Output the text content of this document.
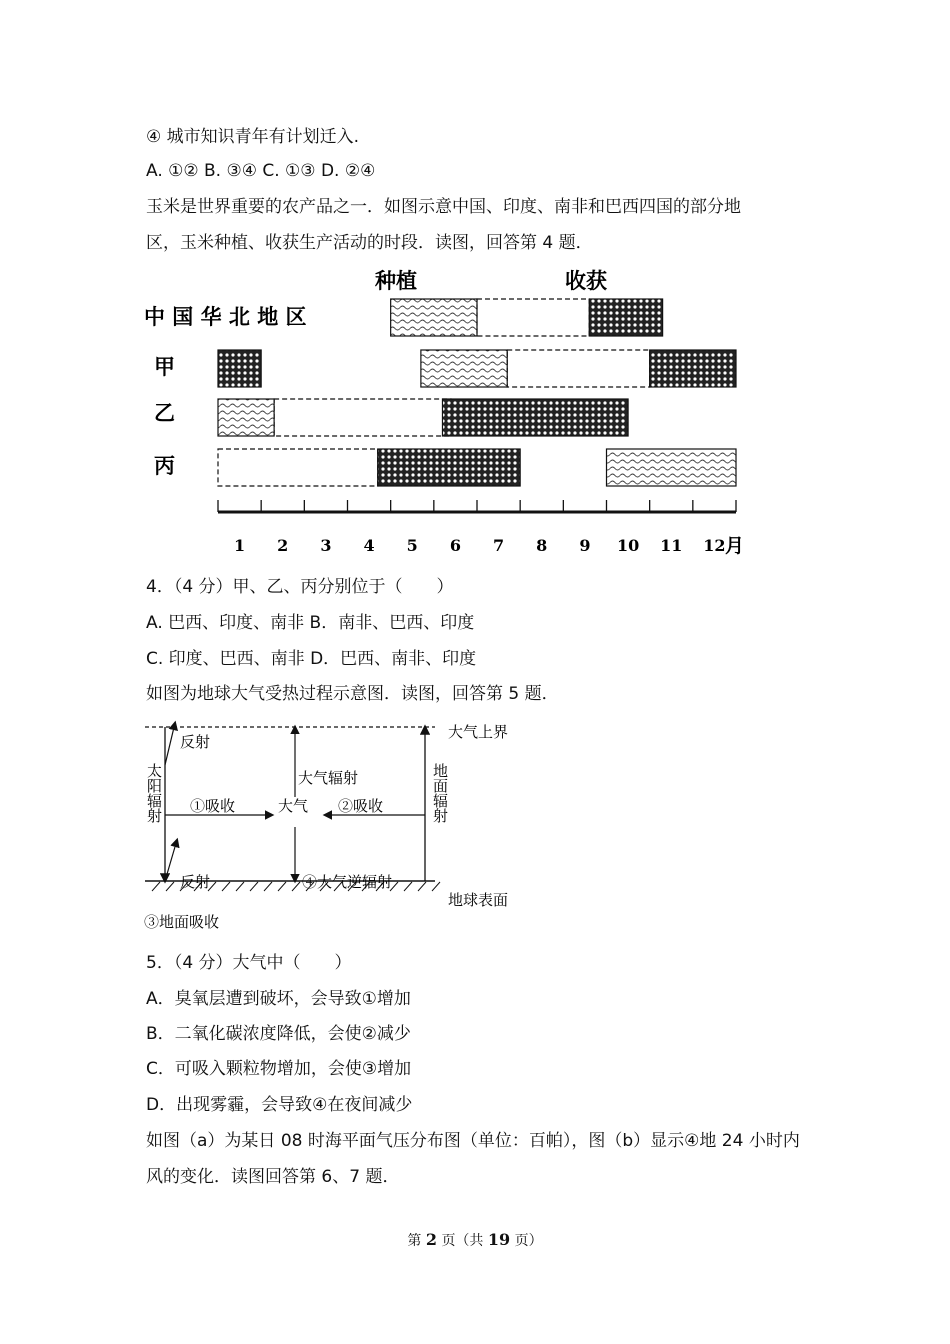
④ 城市知识青年有计划迁入.
A. ①② B. ③④ C. ①③ D. ②④
玉米是世界重要的农产品之一．如图示意中国、印度、南非和巴西四国的部分地
区，玉米种植、收获生产活动的时段．读图，回答第 4 题．
种植	收获
中 国 华 北 地 区
甲
乙
丙
1 2 3 4 5 6 7 8 9 10 11 12 月
4．（4 分）甲、乙、丙分别位于（　　）
A. 巴西、印度、南非 B．南非、巴西、印度
C. 印度、巴西、南非 D．巴西、南非、印度
如图为地球大气受热过程示意图．读图，回答第 5 题．
大气上界
地球表面
太阳辐射
反射
反射
①吸收	大气 ②吸收
大气辐射
④大气逆辐射
地面辐射
③地面吸收
5．（4 分）大气中（　　）
A．臭氧层遭到破坏，会导致①增加
B．二氧化碳浓度降低，会使②减少
C．可吸入颗粒物增加，会使③增加
D．出现雾霾，会导致④在夜间减少
如图（a）为某日 08 时海平面气压分布图（单位：百帕），图（b）显示④地 24 小时内
风的变化．读图回答第 6、7 题．
第 2 页（共 19 页）
